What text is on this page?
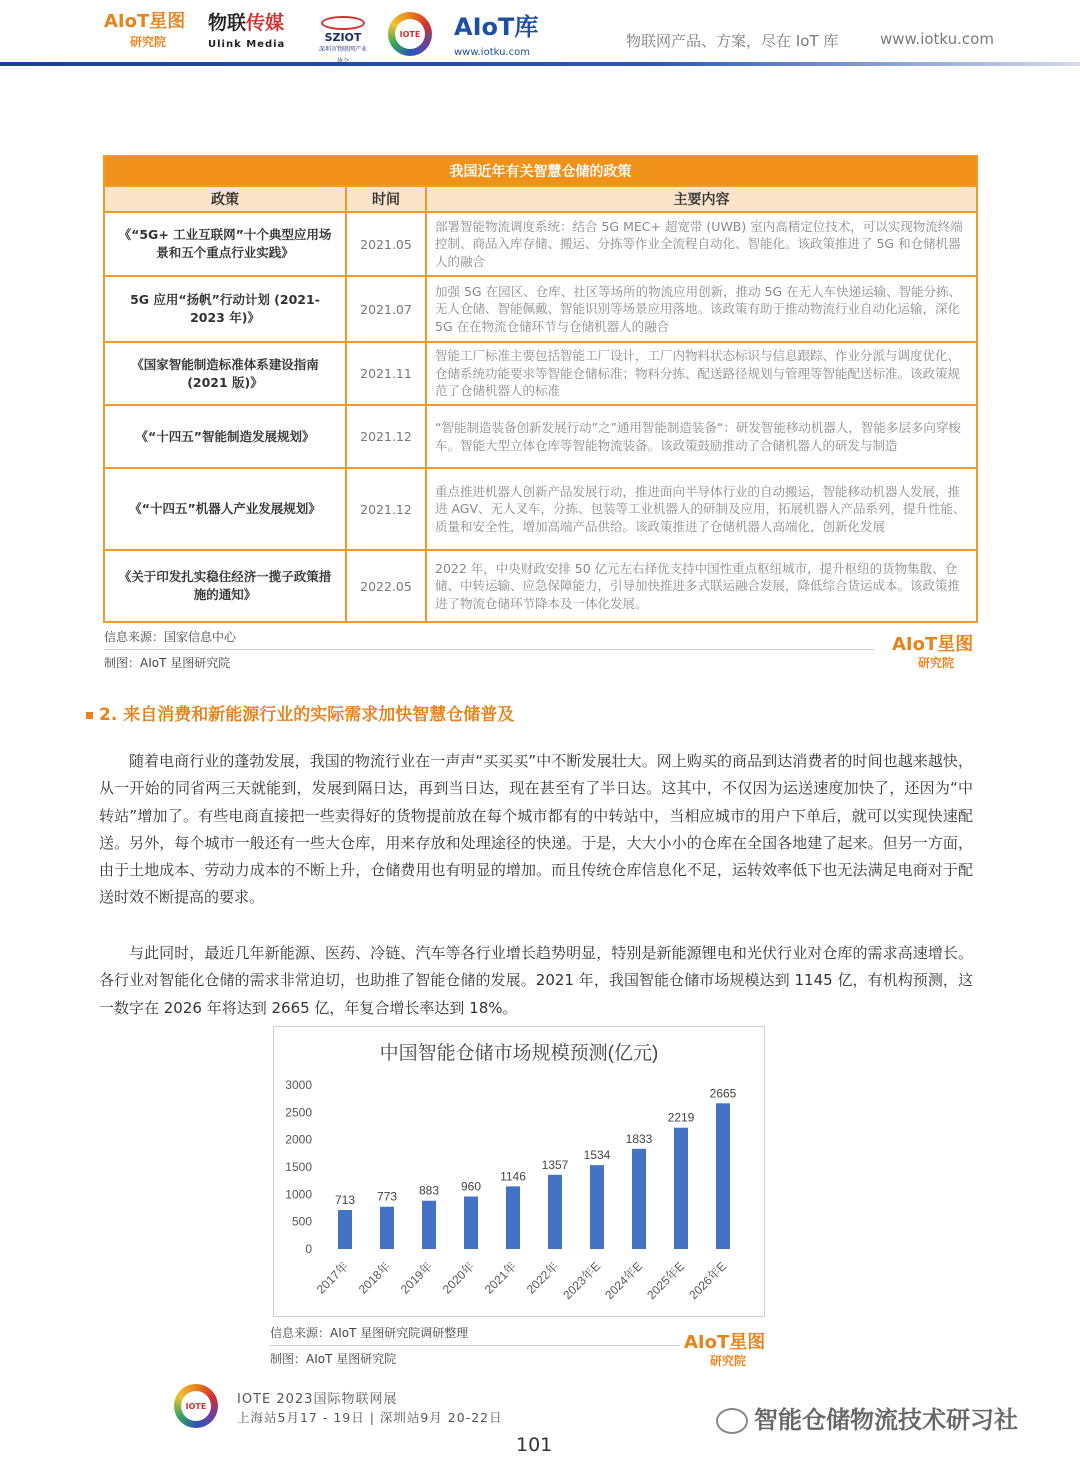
AIoT星图
研究院
物联传媒
Ulink Media
SZIOT
深圳市物联网产业
IOTE AIoT库
www.iotku.com
物联网产品、方案，尽在 IoT 库	www.iotku.com
我国近年有关智慧仓储的政策		
政策	时间	主要内容
《“5G+ 工业互联网”十个典型应用场景和五个重点行业实践》	2021.05	部署智能物流调度系统：结合 5G MEC+ 超宽带 (UWB) 室内高精定位技术，可以实现物流终端控制、商品入库存储、搬运、分拣等作业全流程自动化、智能化。该政策推进了 5G 和仓储机器人的融合
5G 应用“扬帆”行动计划 (2021-2023 年)》	2021.07	加强 5G 在园区、仓库、社区等场所的物流应用创新，推动 5G 在无人车快递运输、智能分拣、无人仓储、智能佩戴、智能识别等场景应用落地。该政策有助于推动物流行业自动化运输，深化 5G 在在物流仓储环节与仓储机器人的融合
《国家智能制造标准体系建设指南(2021 版)》	2021.11	智能工厂标准主要包括智能工厂设计，工厂内物料状态标识与信息跟踪、作业分派与调度优化、仓储系统功能要求等智能仓储标准；物料分拣、配送路径规划与管理等智能配送标准。该政策规范了仓储机器人的标准
《“十四五”智能制造发展规划》	2021.12	“智能制造装备创新发展行动”之”通用智能制造装备“：研发智能移动机器人，智能多层多向穿梭车。智能大型立体仓库等智能物流装备。该政策鼓励推动了合储机器人的研发与制造
《“十四五”机器人产业发展规划》	2021.12	重点推进机器人创新产品发展行动，推进面向半导体行业的自动搬运，智能移动机器人发展，推进 AGV、无人叉车，分拣、包装等工业机器人的研制及应用，拓展机器人产品系列，提升性能、质量和安全性，增加高端产品供给。该政策推进了仓储机器人高端化，创新化发展
《关于印发扎实稳住经济一揽子政策措施的通知》	2022.05	2022 年，中央财政安排 50 亿元左右择优支持中国性重点枢纽城市，提升枢纽的货物集散、仓储、中转运输、应急保障能力，引导加快推进多式联运融合发展，降低综合货运成本。该政策推进了物流仓储环节降本及一体化发展。
信息来源：国家信息中心
制图：AIoT 星图研究院
AIoT星图
研究院
2. 来自消费和新能源行业的实际需求加快智慧仓储普及

随着电商行业的蓬勃发展，我国的物流行业在一声声“买买买”中不断发展壮大。网上购买的商品到达消费者的时间也越来越快，从一开始的同省两三天就能到，发展到隔日达，再到当日达，现在甚至有了半日达。这其中，不仅因为运送速度加快了，还因为“中转站”增加了。有些电商直接把一些卖得好的货物提前放在每个城市都有的中转站中，当相应城市的用户下单后，就可以实现快速配送。另外，每个城市一般还有一些大仓库，用来存放和处理途径的快递。于是，大大小小的仓库在全国各地建了起来。但另一方面，由于土地成本、劳动力成本的不断上升，仓储费用也有明显的增加。而且传统仓库信息化不足，运转效率低下也无法满足电商对于配送时效不断提高的要求。

与此同时，最近几年新能源、医药、冷链、汽车等各行业增长趋势明显，特别是新能源锂电和光伏行业对仓库的需求高速增长。各行业对智能化仓储的需求非常迫切，也助推了智能仓储的发展。2021 年，我国智能仓储市场规模达到 1145 亿，有机构预测，这一数字在 2026 年将达到 2665 亿，年复合增长率达到 18%。

中国智能仓储市场规模预测(亿元)
0
500
1000
1500
2000
2500
3000
713
2017年
773
2018年
883
2019年
960
2020年
1146
2021年
1357
2022年
1534
2023年E
1833
2024年E
2219
2025年E
2665
2026年E
信息来源：AIoT 星图研究院调研整理
制图：AIoT 星图研究院
AIoT星图
研究院
IOTE	IOTE 2023国际物联网展
上海站5月17 - 19日 | 深圳站9月 20-22日	智能仓储物流技术研习社
101
